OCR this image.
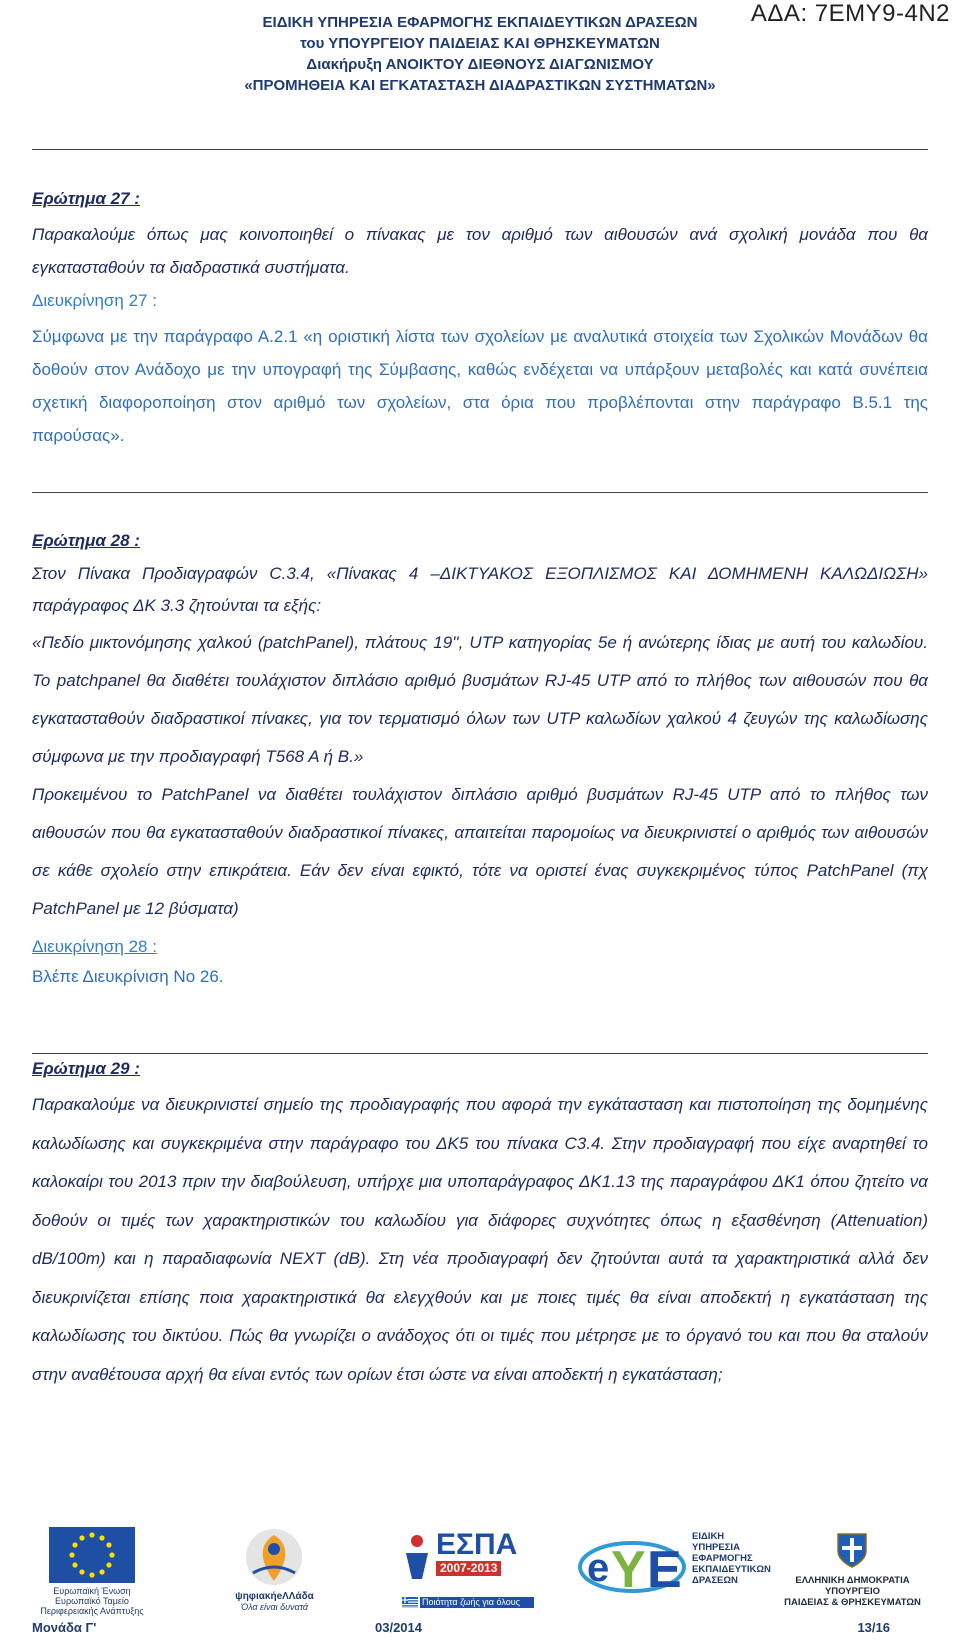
ΑΔΑ: 7ΕΜΥ9-4Ν2
ΕΙΔΙΚΗ ΥΠΗΡΕΣΙΑ ΕΦΑΡΜΟΓΗΣ ΕΚΠΑΙΔΕΥΤΙΚΩΝ ΔΡΑΣΕΩΝ
του ΥΠΟΥΡΓΕΙΟΥ ΠΑΙΔΕΙΑΣ ΚΑΙ ΘΡΗΣΚΕΥΜΑΤΩΝ
Διακήρυξη ΑΝΟΙΚΤΟΥ ΔΙΕΘΝΟΥΣ ΔΙΑΓΩΝΙΣΜΟΥ
«ΠΡΟΜΗΘΕΙΑ ΚΑΙ ΕΓΚΑΤΑΣΤΑΣΗ ΔΙΑΔΡΑΣΤΙΚΩΝ ΣΥΣΤΗΜΑΤΩΝ»
Ερώτημα 27 :

Παρακαλούμε όπως μας κοινοποιηθεί ο πίνακας με τον αριθμό των αιθουσών ανά σχολική μονάδα που θα εγκατασταθούν τα διαδραστικά συστήματα.

Διευκρίνηση 27 :

Σύμφωνα με την παράγραφο Α.2.1 «η οριστική λίστα των σχολείων με αναλυτικά στοιχεία των Σχολικών Μονάδων θα δοθούν στον Ανάδοχο με την υπογραφή της Σύμβασης, καθώς ενδέχεται να υπάρξουν μεταβολές και κατά συνέπεια σχετική διαφοροποίηση στον αριθμό των σχολείων, στα όρια που προβλέπονται στην παράγραφο Β.5.1 της παρούσας».

Ερώτημα 28 :

Στον Πίνακα Προδιαγραφών C.3.4, «Πίνακας 4 –ΔΙΚΤΥΑΚΟΣ ΕΞΟΠΛΙΣΜΟΣ ΚΑΙ ΔΟΜΗΜΕΝΗ ΚΑΛΩΔΙΩΣΗ» παράγραφος ΔΚ 3.3 ζητούνται τα εξής:

«Πεδίο μικτονόμησης χαλκού (patchPanel), πλάτους 19'', UTP κατηγορίας 5e ή ανώτερης ίδιας με αυτή του καλωδίου. Το patchpanel θα διαθέτει τουλάχιστον διπλάσιο αριθμό βυσμάτων RJ-45 UTP από το πλήθος των αιθουσών που θα εγκατασταθούν διαδραστικοί πίνακες, για τον τερματισμό όλων των UTP καλωδίων χαλκού 4 ζευγών της καλωδίωσης σύμφωνα με την προδιαγραφή T568 A ή B.»

Προκειμένου το PatchPanel να διαθέτει τουλάχιστον διπλάσιο αριθμό βυσμάτων RJ-45 UTP από το πλήθος των αιθουσών που θα εγκατασταθούν διαδραστικοί πίνακες, απαιτείται παρομοίως να διευκρινιστεί ο αριθμός των αιθουσών σε κάθε σχολείο στην επικράτεια. Εάν δεν είναι εφικτό, τότε να οριστεί ένας συγκεκριμένος τύπος PatchPanel (πχ PatchPanel με 12 βύσματα)

Διευκρίνηση 28 :

Βλέπε Διευκρίνιση Νο 26.

Ερώτημα 29 :

Παρακαλούμε να διευκρινιστεί σημείο της προδιαγραφής που αφορά την εγκάτασταση και πιστοποίηση της δομημένης καλωδίωσης και συγκεκριμένα στην παράγραφο του ΔΚ5 του πίνακα C3.4. Στην προδιαγραφή που είχε αναρτηθεί το καλοκαίρι του 2013 πριν την διαβούλευση, υπήρχε μια υποπαράγραφος ΔΚ1.13 της παραγράφου ΔΚ1 όπου ζητείτο να δοθούν οι τιμές των χαρακτηριστικών του καλωδίου για διάφορες συχνότητες όπως η εξασθένηση (Attenuation) dB/100m) και η παραδιαφωνία NEXT (dB). Στη νέα προδιαγραφή δεν ζητούνται αυτά τα χαρακτηριστικά αλλά δεν διευκρινίζεται επίσης ποια χαρακτηριστικά θα ελεγχθούν και με ποιες τιμές θα είναι αποδεκτή η εγκατάσταση της καλωδίωσης του δικτύου. Πώς θα γνωρίζει ο ανάδοχος ότι οι τιμές που μέτρησε με το όργανό του και που θα σταλούν στην αναθέτουσα αρχή θα είναι εντός των ορίων έτσι ώστε να είναι αποδεκτή η εγκατάσταση;

Ευρωπαϊκή Ένωση
Ευρωπαϊκό Ταμείο
Περιφερειακής Ανάπτυξης
ψηφιακήeΛΛάδα
Όλα είναι δυνατά
ΕΣΠΑ
2007-2013
Ποιότητα ζωής για όλους
e Υ Ε
ΕΙΔΙΚΗ
ΥΠΗΡΕΣΙΑ
ΕΦΑΡΜΟΓΗΣ
ΕΚΠΑΙΔΕΥΤΙΚΩΝ
ΔΡΑΣΕΩΝ	ΕΛΛΗΝΙΚΗ ΔΗΜΟΚΡΑΤΙΑ
ΥΠΟΥΡΓΕΙΟ
ΠΑΙΔΕΙΑΣ & ΘΡΗΣΚΕΥΜΑΤΩΝ
Μονάδα Γ'	03/2014	13/16
